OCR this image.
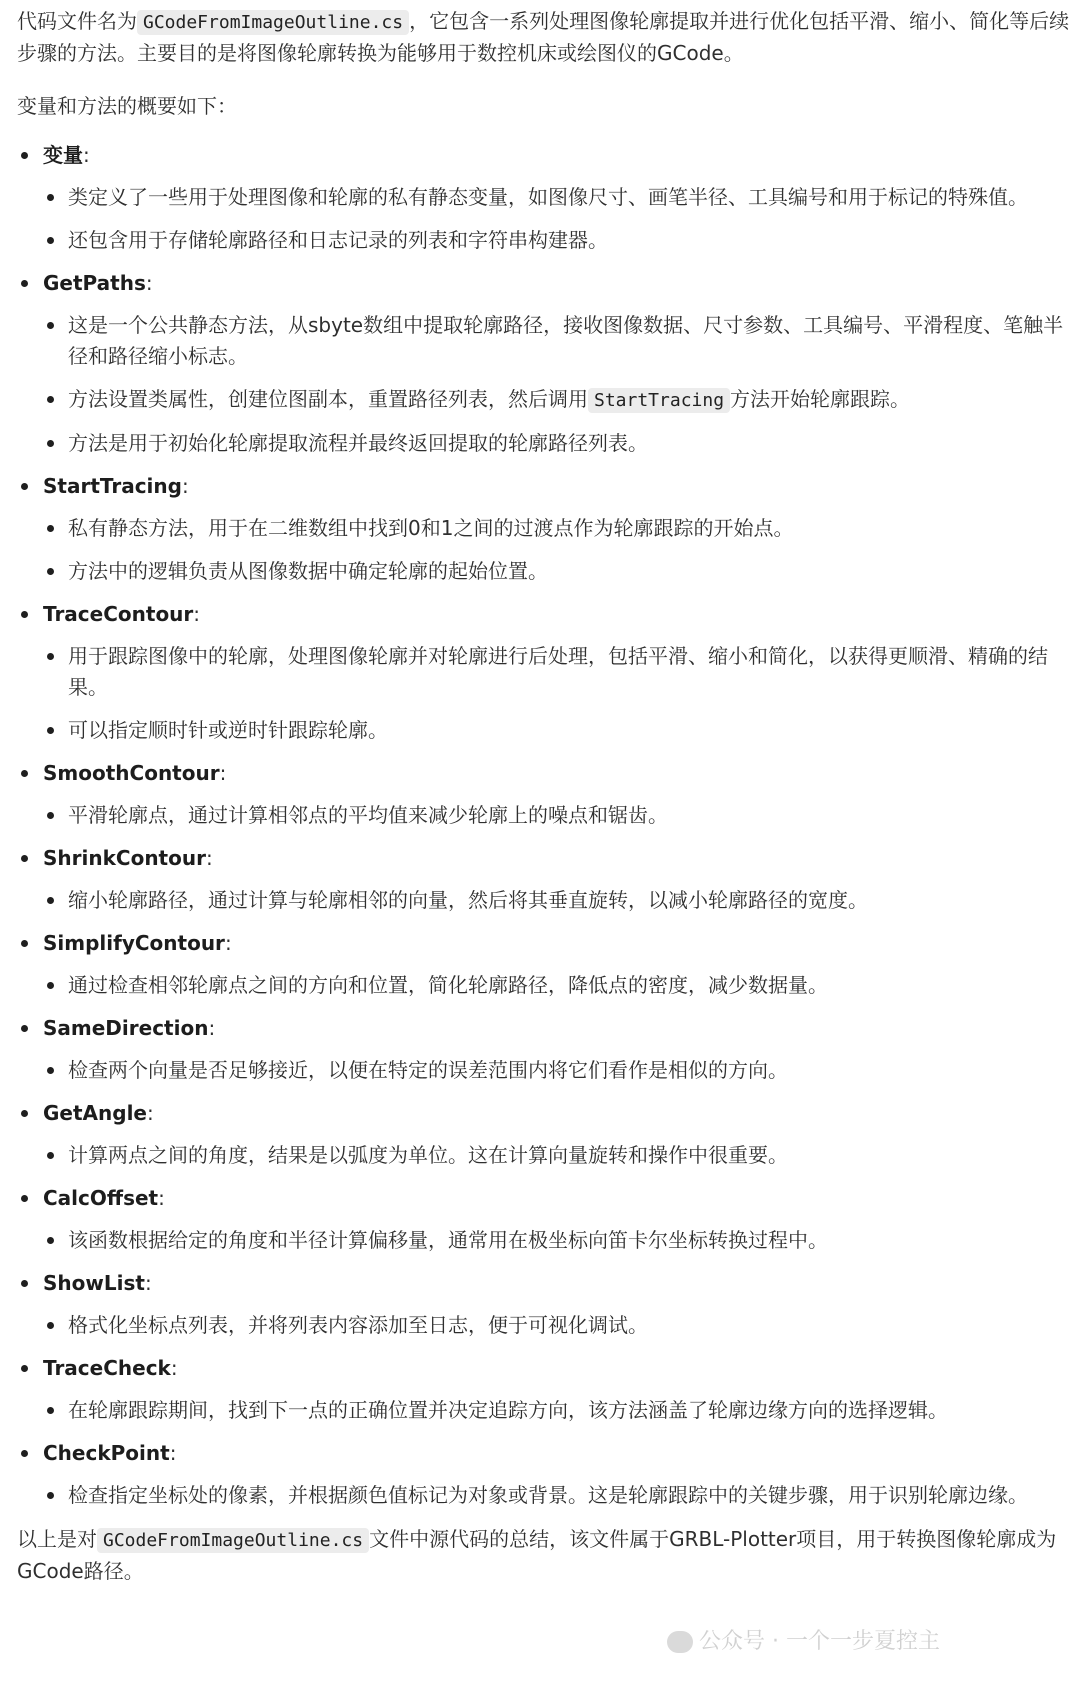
代码文件名为 GCodeFromImageOutline.cs ，它包含一系列处理图像轮廓提取并进行优化包括平滑、缩小、简化等后续步骤的方法。主要目的是将图像轮廓转换为能够用于数控机床或绘图仪的GCode。

变量和方法的概要如下：

变量:
类定义了一些用于处理图像和轮廓的私有静态变量，如图像尺寸、画笔半径、工具编号和用于标记的特殊值。
还包含用于存储轮廓路径和日志记录的列表和字符串构建器。
GetPaths:
这是一个公共静态方法，从sbyte数组中提取轮廓路径，接收图像数据、尺寸参数、工具编号、平滑程度、笔触半径和路径缩小标志。
方法设置类属性，创建位图副本，重置路径列表，然后调用 StartTracing 方法开始轮廓跟踪。
方法是用于初始化轮廓提取流程并最终返回提取的轮廓路径列表。
StartTracing:
私有静态方法，用于在二维数组中找到0和1之间的过渡点作为轮廓跟踪的开始点。
方法中的逻辑负责从图像数据中确定轮廓的起始位置。
TraceContour:
用于跟踪图像中的轮廓，处理图像轮廓并对轮廓进行后处理，包括平滑、缩小和简化，以获得更顺滑、精确的结果。
可以指定顺时针或逆时针跟踪轮廓。
SmoothContour:
平滑轮廓点，通过计算相邻点的平均值来减少轮廓上的噪点和锯齿。
ShrinkContour:
缩小轮廓路径，通过计算与轮廓相邻的向量，然后将其垂直旋转，以减小轮廓路径的宽度。
SimplifyContour:
通过检查相邻轮廓点之间的方向和位置，简化轮廓路径，降低点的密度，减少数据量。
SameDirection:
检查两个向量是否足够接近，以便在特定的误差范围内将它们看作是相似的方向。
GetAngle:
计算两点之间的角度，结果是以弧度为单位。这在计算向量旋转和操作中很重要。
CalcOffset:
该函数根据给定的角度和半径计算偏移量，通常用在极坐标向笛卡尔坐标转换过程中。
ShowList:
格式化坐标点列表，并将列表内容添加至日志，便于可视化调试。
TraceCheck:
在轮廓跟踪期间，找到下一点的正确位置并决定追踪方向，该方法涵盖了轮廓边缘方向的选择逻辑。
CheckPoint:
检查指定坐标处的像素，并根据颜色值标记为对象或背景。这是轮廓跟踪中的关键步骤，用于识别轮廓边缘。

以上是对 GCodeFromImageOutline.cs 文件中源代码的总结，该文件属于GRBL-Plotter项目，用于转换图像轮廓成为GCode路径。

公众号 · 一个一步夏控主
